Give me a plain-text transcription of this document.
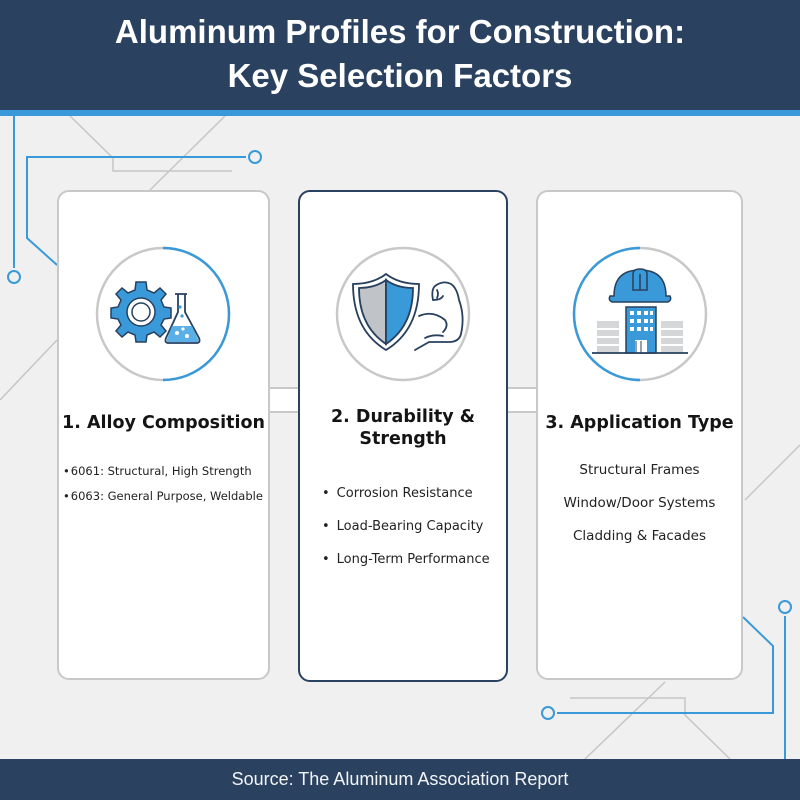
Aluminum Profiles for Construction:
Key Selection Factors
1. Alloy Composition
• 6061: Structural, High Strength
• 6063: General Purpose, Weldable
2. Durability &
Strength
• Corrosion Resistance
• Load-Bearing Capacity
• Long-Term Performance
3. Application Type
Structural Frames
Window/Door Systems
Cladding & Facades
Source: The Aluminum Association Report
